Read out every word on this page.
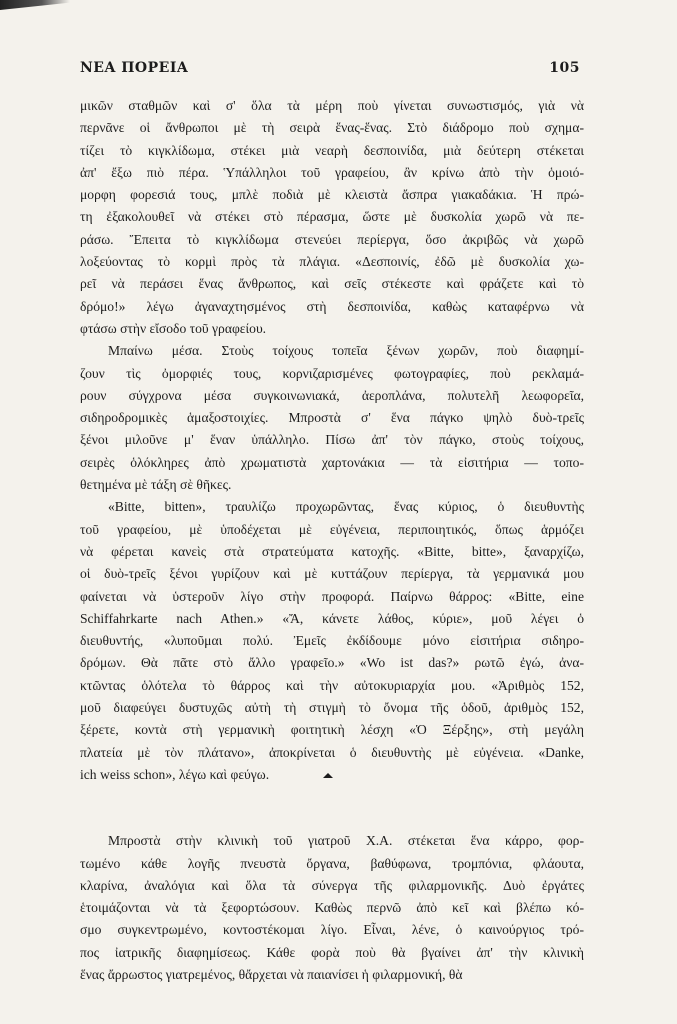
ΝΕΑ ΠΟΡΕΙΑ	105

μικῶν σταθμῶν καὶ σ' ὅλα τὰ μέρη ποὺ γίνεται συνωστισμός, γιὰ νὰ
περνᾶνε οἱ ἄνθρωποι μὲ τὴ σειρὰ ἕνας-ἕνας. Στὸ διάδρομο ποὺ σχημα-
τίζει τὸ κιγκλίδωμα, στέκει μιὰ νεαρὴ δεσποινίδα, μιὰ δεύτερη στέκεται
ἀπ' ἔξω πιὸ πέρα. Ὑπάλληλοι τοῦ γραφείου, ἂν κρίνω ἀπὸ τὴν ὁμοιό-
μορφη φορεσιά τους, μπλὲ ποδιὰ μὲ κλειστὰ ἄσπρα γιακαδάκια. Ἡ πρώ-
τη ἐξακολουθεῖ νὰ στέκει στὸ πέρασμα, ὥστε μὲ δυσκολία χωρῶ νὰ πε-
ράσω. Ἔπειτα τὸ κιγκλίδωμα στενεύει περίεργα, ὅσο ἀκριβῶς νὰ χωρῶ
λοξεύοντας τὸ κορμὶ πρὸς τὰ πλάγια. «Δεσποινίς, ἐδῶ μὲ δυσκολία χω-
ρεῖ νὰ περάσει ἕνας ἄνθρωπος, καὶ σεῖς στέκεστε καὶ φράζετε καὶ τὸ
δρόμο!» λέγω ἀγαναχτησμένος στὴ δεσποινίδα, καθὼς καταφέρνω νὰ
φτάσω στὴν εἴσοδο τοῦ γραφείου.

Μπαίνω μέσα. Στοὺς τοίχους τοπεῖα ξένων χωρῶν, ποὺ διαφημί-
ζουν τὶς ὀμορφιές τους, κορνιζαρισμένες φωτογραφίες, ποὺ ρεκλαμά-
ρουν σύγχρονα μέσα συγκοινωνιακά, ἀεροπλάνα, πολυτελῆ λεωφορεῖα,
σιδηροδρομικὲς ἁμαξοστοιχίες. Μπροστὰ σ' ἕνα πάγκο ψηλὸ δυὸ-τρεῖς
ξένοι μιλοῦνε μ' ἕναν ὑπάλληλο. Πίσω ἀπ' τὸν πάγκο, στοὺς τοίχους,
σειρὲς ὁλόκληρες ἀπὸ χρωματιστὰ χαρτονάκια — τὰ εἰσιτήρια — τοπο-
θετημένα μὲ τάξη σὲ θῆκες.

«Bitte, bitten», τραυλίζω προχωρῶντας, ἕνας κύριος, ὁ διευθυντὴς
τοῦ γραφείου, μὲ ὑποδέχεται μὲ εὐγένεια, περιποιητικός, ὅπως ἁρμόζει
νὰ φέρεται κανεὶς στὰ στρατεύματα κατοχῆς. «Bitte, bitte», ξαναρχίζω,
οἱ δυὸ-τρεῖς ξένοι γυρίζουν καὶ μὲ κυττάζουν περίεργα, τὰ γερμανικά μου
φαίνεται νὰ ὑστεροῦν λίγο στὴν προφορά. Παίρνω θάρρος: «Bitte, eine
Schiffahrkarte nach Athen.» «Ἄ, κάνετε λάθος, κύριε», μοῦ λέγει ὁ
διευθυντής, «λυποῦμαι πολύ. Ἐμεῖς ἐκδίδουμε μόνο εἰσιτήρια σιδηρο-
δρόμων. Θὰ πᾶτε στὸ ἄλλο γραφεῖο.» «Wo ist das?» ρωτῶ ἐγώ, ἀνα-
κτῶντας ὁλότελα τὸ θάρρος καὶ τὴν αὐτοκυριαρχία μου. «Ἀριθμὸς 152,
μοῦ διαφεύγει δυστυχῶς αὐτὴ τὴ στιγμὴ τὸ ὄνομα τῆς ὁδοῦ, ἀριθμὸς 152,
ξέρετε, κοντὰ στὴ γερμανικὴ φοιτητικὴ λέσχη «Ὁ Ξέρξης», στὴ μεγάλη
πλατεία μὲ τὸν πλάτανο», ἀποκρίνεται ὁ διευθυντὴς μὲ εὐγένεια. «Danke,
ich weiss schon», λέγω καὶ φεύγω.

Μπροστὰ στὴν κλινικὴ τοῦ γιατροῦ Χ.Α. στέκεται ἕνα κάρρο, φορ-
τωμένο κάθε λογῆς πνευστὰ ὄργανα, βαθύφωνα, τρομπόνια, φλάουτα,
κλαρίνα, ἀναλόγια καὶ ὅλα τὰ σύνεργα τῆς φιλαρμονικῆς. Δυὸ ἐργάτες
ἑτοιμάζονται νὰ τὰ ξεφορτώσουν. Καθὼς περνῶ ἀπὸ κεῖ καὶ βλέπω κό-
σμο συγκεντρωμένο, κοντοστέκομαι λίγο. Εἶναι, λένε, ὁ καινούργιος τρό-
πος ἰατρικῆς διαφημίσεως. Κάθε φορὰ ποὺ θὰ βγαίνει ἀπ' τὴν κλινικὴ
ἕνας ἄρρωστος γιατρεμένος, θἄρχεται νὰ παιανίσει ἡ φιλαρμονική, θὰ
